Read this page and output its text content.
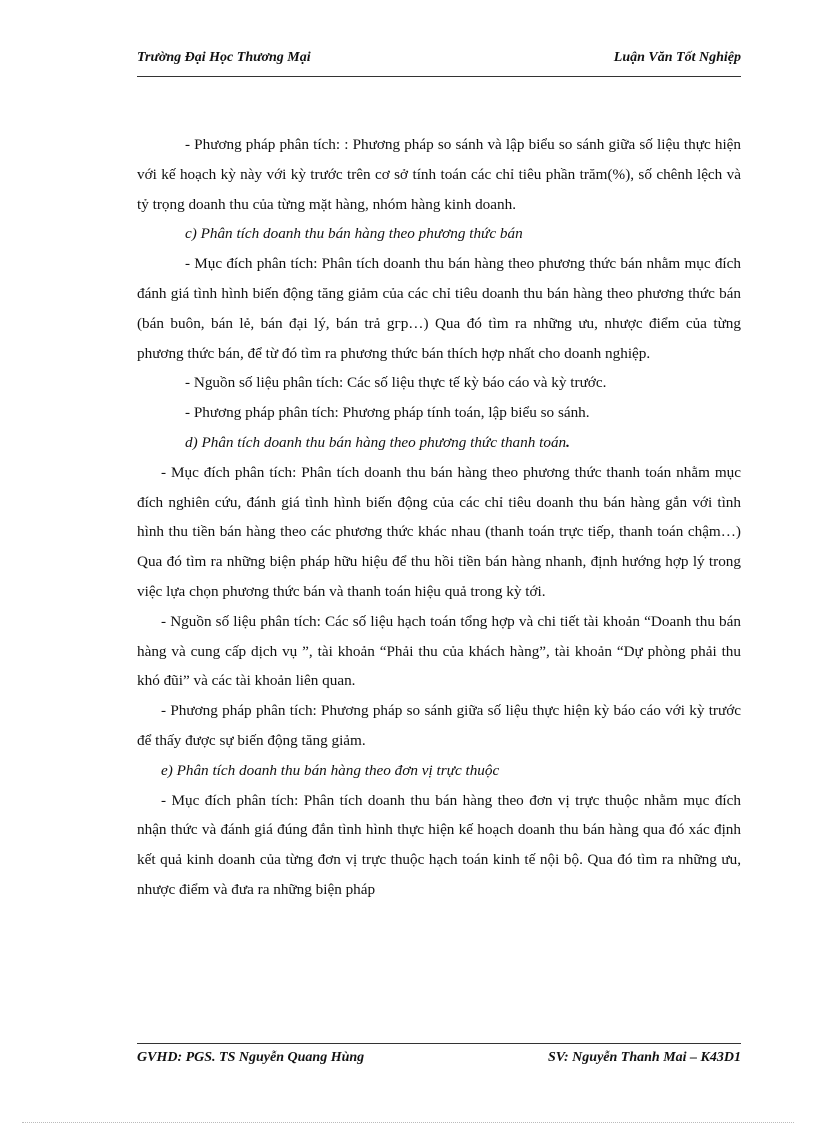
Trường Đại Học Thương Mại	Luận Văn Tốt Nghiệp

- Phương pháp phân tích: : Phương pháp so sánh và lập biểu so sánh giữa số liệu thực hiện với kế hoạch kỳ này với kỳ trước trên cơ sở tính toán các chỉ tiêu phần trăm(%), số chênh lệch và tỷ trọng doanh thu của từng mặt hàng, nhóm hàng kinh doanh.

c) Phân tích doanh thu bán hàng theo phương thức bán

- Mục đích phân tích: Phân tích doanh thu bán hàng theo phương thức bán nhằm mục đích đánh giá tình hình biến động tăng giảm của các chỉ tiêu doanh thu bán hàng theo phương thức bán (bán buôn, bán lẻ, bán đại lý, bán trả gгр…) Qua đó tìm ra những ưu, nhược điểm của từng phương thức bán, để từ đó tìm ra phương thức bán thích hợp nhất cho doanh nghiệp.

- Nguồn số liệu phân tích: Các số liệu thực tế kỳ báo cáo và kỳ trước.

- Phương pháp phân tích: Phương pháp tính toán, lập biểu so sánh.

d) Phân tích doanh thu bán hàng theo phương thức thanh toán.

- Mục đích phân tích: Phân tích doanh thu bán hàng theo phương thức thanh toán nhằm mục đích nghiên cứu, đánh giá tình hình biến động của các chỉ tiêu doanh thu bán hàng gắn với tình hình thu tiền bán hàng theo các phương thức khác nhau (thanh toán trực tiếp, thanh toán chậm…) Qua đó tìm ra những biện pháp hữu hiệu để thu hồi tiền bán hàng nhanh, định hướng hợp lý trong việc lựa chọn phương thức bán và thanh toán hiệu quả trong kỳ tới.

- Nguồn số liệu phân tích: Các số liệu hạch toán tổng hợp và chi tiết tài khoản “Doanh thu bán hàng và cung cấp dịch vụ ”, tài khoản “Phải thu của khách hàng”, tài khoản “Dự phòng phải thu khó đũi” và các tài khoản liên quan.

- Phương pháp phân tích: Phương pháp so sánh giữa số liệu thực hiện kỳ báo cáo với kỳ trước để thấy được sự biến động tăng giảm.

e) Phân tích doanh thu bán hàng theo đơn vị trực thuộc

- Mục đích phân tích: Phân tích doanh thu bán hàng theo đơn vị trực thuộc nhằm mục đích nhận thức và đánh giá đúng đắn tình hình thực hiện kế hoạch doanh thu bán hàng qua đó xác định kết quả kinh doanh của từng đơn vị trực thuộc hạch toán kinh tế nội bộ. Qua đó tìm ra những ưu, nhược điểm và đưa ra những biện pháp

GVHD: PGS. TS Nguyễn Quang Hùng	SV: Nguyễn Thanh Mai – K43D1
